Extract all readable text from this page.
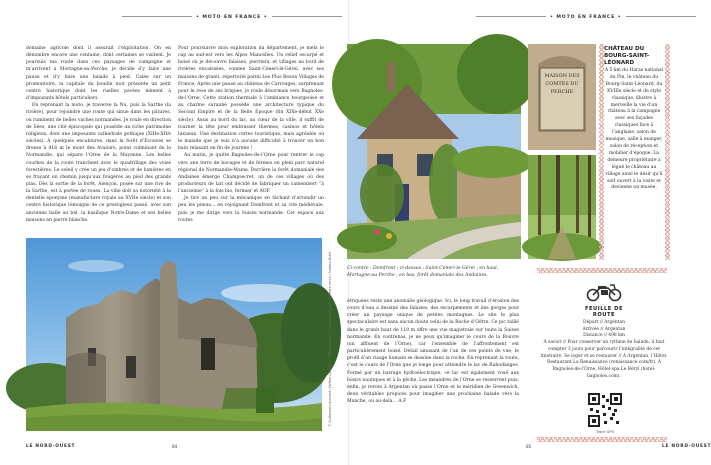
• MOTO EN FRANCE •

domaine agricole dont il assurait l’exploitation. On en dénombre encore une centaine, dont certaines se visitent. Je poursuis ma route dans ces paysages de campagne et m’arrivent à Mortagne-au-Perche, je décide d’y faire une pause et d’y faire une balade à pied. Calée sur un promontoire, la capitale du boudin noir présente un petit centre historique dont les ruelles pavées mènent à d’imposants hôtels particuliers.

En reprenant la moto, je traverse la Nu, puis la Sarthe (la rivière), pour rejoindre une route qui sinue dans les pâtures, où ruminent de belles vaches normandes. Je roule en direction de Sées, une cité épiscopale qui possède un riche patrimoine religieux, dont une imposante cathédrale gothique (XIIIe-XIVe siècles). À quelques encablures, dans la forêt d’Écouves se dresse à 416 m le mont des Avaloirs, point culminant de la Normandie, qui sépare l’Orne de la Mayenne. Les belles courbes de la route tranchent avec le quadrillage des voies forestières. Le soleil y crée un jeu d’ombres et de lumières en se frayant un chemin jusqu’aux fougères au pied des grands pins. Dès la sortie de la forêt, Alençon, posée sur une rive de la Sarthe, est à portée de roues. La ville doit sa notoriété à la dentelle éponyme (manufacture royale au XVIIe siècle) et son centre historique témoigne de ce prestigieux passé, avec son ancienne halle au blé, la basilique Notre-Dame et ses belles maisons en pierre blanche.

Pour poursuivre mon exploration du département, je mets le cap au sud-est vers les Alpes Mancelles. Un relief escarpé et boisé où je découvre falaises, pierriers, et villages au bord de rivières encaissées, comme Saint-Céneri-le-Gérei, avec ses maisons de granit, répertorié parmi Les Plus Beaux Villages de France. Après une pause au château de Carrouges, surprenant pour le rose de ses briques, je roule désormais vers Bagnoles-de-l’Orne. Cette station thermale à l’ambiance bourgeoise et au charme suranné possède une architecture typique du Second Empire et de la Belle Époque (fin XIXe-début XXe siècle). Assis au bord du lac, au cœur de la ville, il suffit de tourner la tête pour embrasser thermes, casinos et hôtels luxueux. Une destination certes touristique, mais agréable où le malade que je suis n’a aucune difficulté à trouver un bon bain relaxant en fin de journée !

Au matin, je quitte Bagnoles-de-l’Orne pour rentrer le cap vers une terre de bocages et de fermes en plein parc naturel régional de Normandie-Maine. Derrière la forêt domaniale des Andaines émerge Champsecret, un de ces villages où des producteurs de lait ont décidé de fabriquer un camembert “à l’ancienne” à la fois bio, fermier et AOP.

Je tire un peu sur la mécanique en tâchant d’arrondir un peu les pneus… en rejoignant Domfront et sa cité médiévale, puis je me dirige vers la Suisse normande. Cet espace aux routes

© Guillaume Lescroart / Jérôme Lambert / © Régis Cintrat / © Antoine Mignot / © Pierre Lesca / Sabrina Duhé
LE NORD-OUEST	84
• MOTO EN FRANCE •
LE NORD-OUEST
85
MAISON DES COMTES DU PERCHE
CHÂTEAU DU BOURG-SAINT-LÉONARD
À 5 km du Haras national du Pin, le château du Bourg-Saint-Léonard, du XVIIIe siècle et de style classique, illustre à merveille la vie d’un château à la campagne avec ses façades classiques face à l’anglaise, salon de musique, salle à manger, salon de réception et mobilier d’époque. La demeure propriétaire a légué le château au village ainsi le désir qu’il soit ouvert à la visite et devienne un musée.
Ci-contre : Domfront ; ci-dessus : Saint-Céneri-le-Gérei ; en haut, Mortagne-au-Perche ; en bas, forêt domaniale des Andaines.

étriquées reste une anomalie géologique. Ici, le long travail d’érosion des cours d’eau a dessiné des falaises, des escarpements et des gorges pour créer un paysage unique de petites montagnes. Le site le plus spectaculaire est sans aucun doute celui de la Roche d’Oëtre. Ce pic taillé dans le granit haut de 118 m offre une vue magistrale sur toute la Suisse normande. En contrebas, je ne peux qu’imaginer le cours de la Rouvre (un affluent de l’Orne), car l’ensemble de l’affrontement est particulièrement boisé. Détail amusant de l’un de ces points de vue, le profil d’un visage humain se dessine dans la roche. En reprenant la route, c’est le cours de l’Orne que je longe pour atteindre le lac de Rabodanges. Formé par un barrage hydroélectrique, ce lac est également voué aux loisirs nautiques et à la pêche. Les méandres de l’Orne se resserrent puis, enfin, je revoie à Argentan où passe l’Orne et le méridien de Greenwich, deux véritables propices pour imaginer une prochaine balade vers la Manche, ou au-delà… A.F

FEUILLE DE ROUTE
Départ // Argentan
Arrivée // Argentan
Distance // 498 km
À savoir // Pour conserver un rythme de balade, il faut compter 3 jours pour parcourir l’intégralité de cet itinéraire. Se loger et se restaurer // À Argentan, l’Hôtel-Restaurant La Renaissance (renaissance.com/fr). À Bagnoles-de-l’Orne, Hôtel-spa Le Béryl (hotel-bagnoles.com).
Tracé GPX
